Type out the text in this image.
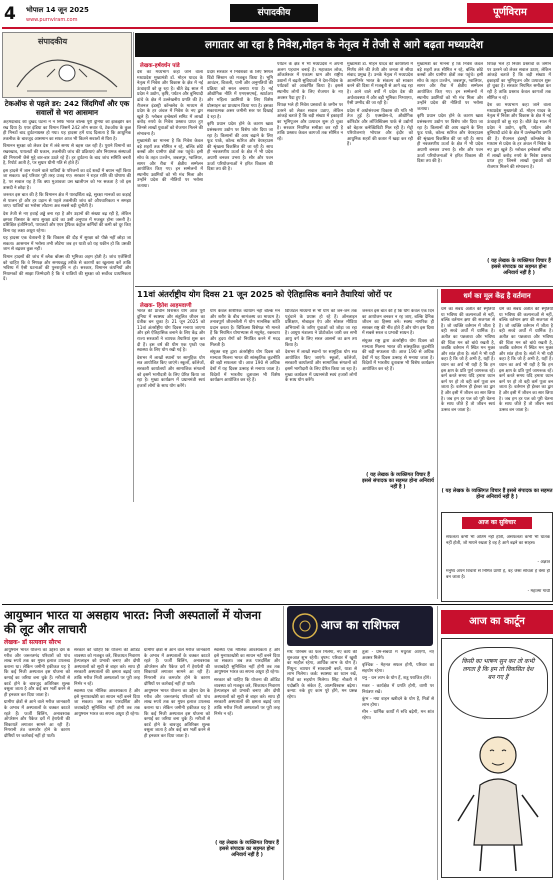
4 भोपाल 14 जून 2025
www.purnviram.com
संपादकीय	पूर्णविराम
संपादकीय
टेकऑफ से पहले डर: 242 जिंदगियाँ और एक सवालों से भरा आसमान
लगातार आ रहा है निवेश,मोहन के नेतृत्व में तेजी से आगे बढ़ता मध्यप्रदेश
लेखक-हर्षवर्धन पांडे

अहमदाबाद की दुखद घटना ने न सिर्फ भारत बल्कि पूरी दुनिया को झकझोर कर रख दिया है। एयर इंडिया का विमान जिसमें 242 लोग सवार थे, टेकऑफ के कुछ ही मिनटों बाद दुर्घटनाग्रस्त हो गया। यह हादसा हमें याद दिलाता है कि आधुनिक तकनीक के बावजूद आसमान का सफर आज भी कितने सवालों से घिरा है।

विमानन सुरक्षा को लेकर देश में लंबे समय से बहस चल रही है। पुराने विमानों का रखरखाव, पायलटों की थकान, तकनीकी जांच की प्रक्रियाएं और नियामक संस्थाओं की निगरानी जैसे मुद्दे बार-बार उठते रहे हैं। हर दुर्घटना के बाद जांच समिति बनती है, रिपोर्ट आती है, पर सुधार धीमी गति से होते हैं।

इस हादसे में जान गंवाने वाले यात्रियों के परिजनों का दर्द शब्दों में बयान नहीं किया जा सकता। कई परिवार पूरी तरह उजड़ गए। सरकार ने राहत राशि की घोषणा की है, पर सवाल यह है कि क्या मुआवजा उस खालीपन को भर सकता है जो इस त्रासदी ने छोड़ा है।

जरूरत इस बात की है कि विमानन क्षेत्र में पारदर्शिता बढ़े, सुरक्षा मानकों का कड़ाई से पालन हो और हर उड़ान से पहले तकनीकी जांच को औपचारिकता न समझा जाए। यात्रियों का भरोसा लौटाना अब सबसे बड़ी चुनौती है।

देश तेजी से नए हवाई अड्डे बना रहा है और उड़ानों की संख्या बढ़ रही है, लेकिन क्षमता विस्तार के साथ सुरक्षा ढांचे का उसी अनुपात में मजबूत होना जरूरी है। प्रशिक्षित इंजीनियरों, पायलटों और एयर ट्रैफिक कंट्रोल कर्मियों की कमी को दूर किए बिना यह लक्ष्य अधूरा रहेगा।

यह हादसा एक चेतावनी है कि विकास की दौड़ में सुरक्षा को पीछे नहीं छोड़ा जा सकता। आसमान में भरोसा तभी लौटेगा जब हर यात्री को यह यकीन हो कि उसकी जान से बढ़कर कुछ नहीं।

विमान हादसों की जांच में ब्लैक बॉक्स की भूमिका अहम होती है। जांच एजेंसियों को चाहिए कि वे निष्पक्ष और समयबद्ध तरीके से कारणों का खुलासा करें ताकि भविष्य में ऐसी घटनाओं की पुनरावृत्ति न हो। सरकार, विमानन कंपनियों और नियामकों की साझा जिम्मेदारी है कि वे यात्रियों की सुरक्षा को सर्वोच्च प्राथमिकता दें।

देश का मध्यभाग कहा जाने वाला मध्यप्रदेश मुख्यमंत्री डॉ. मोहन यादव के नेतृत्व में निवेश और विकास के क्षेत्र में नई ऊंचाइयों को छू रहा है। बीते डेढ़ साल में प्रदेश ने उद्योग, कृषि, पर्यटन और बुनियादी ढांचे के क्षेत्र में उल्लेखनीय प्रगति की है। रीजनल इंडस्ट्री कॉन्क्लेव के माध्यम से प्रदेश के हर अंचल में निवेश के नए द्वार खुले हैं। ग्लोबल इन्वेस्टर्स समिट में लाखों करोड़ रुपये के निवेश प्रस्ताव प्राप्त हुए जिनसे लाखों युवाओं को रोजगार मिलने की संभावना है।

मुख्यमंत्री का मानना है कि निवेश केवल बड़े शहरों तक सीमित न रहे, बल्कि छोटे कस्बों और ग्रामीण क्षेत्रों तक पहुंचे। इसी सोच के तहत उज्जैन, जबलपुर, ग्वालियर, सागर और रीवा में क्षेत्रीय सम्मेलन आयोजित किए गए। इन सम्मेलनों में स्थानीय उद्यमियों को भी मंच मिला और उन्होंने प्रदेश की नीतियों पर भरोसा जताया।

प्रदेश सरकार ने निवेशकों के लिए सिंगल विंडो सिस्टम को मजबूत किया है। भूमि आवंटन, बिजली, पानी और अनुमतियों की प्रक्रिया को सरल बनाया गया है। नई औद्योगिक नीति में एमएसएमई, स्टार्टअप और महिला उद्यमियों के लिए विशेष प्रोत्साहन का प्रावधान किया गया है। इसका सकारात्मक असर जमीनी स्तर पर दिखाई दे रहा है।

कृषि प्रधान प्रदेश होने के कारण खाद्य प्रसंस्करण उद्योग पर विशेष जोर दिया जा रहा है। किसानों की आय बढ़ाने के लिए फूड पार्क, कोल्ड स्टोरेज और वेयरहाउस की श्रृंखला विकसित की जा रही है। साथ ही नवकरणीय ऊर्जा के क्षेत्र में भी प्रदेश अग्रणी बनकर उभरा है। सौर और पवन ऊर्जा परियोजनाओं ने हरित विकास की दिशा तय की है।

पर्यटन के क्षेत्र में भी मध्यप्रदेश ने अपनी अलग पहचान बनाई है। महाकाल लोक, ओंकारेश्वर में एकात्म धाम और राष्ट्रीय उद्यानों में बढ़ती सुविधाओं ने देश-विदेश के पर्यटकों को आकर्षित किया है। इससे स्थानीय लोगों के लिए रोजगार के नए अवसर पैदा हुए हैं।

विपक्ष भले ही निवेश प्रस्तावों के जमीन पर उतरने को लेकर सवाल उठाए, लेकिन आंकड़े बताते हैं कि बड़ी संख्या में इकाइयों का भूमिपूजन और उत्पादन शुरू हो चुका है। सरकार नियमित समीक्षा कर रही है ताकि प्रस्ताव केवल कागजों तक सीमित न रहें।

मुख्यमंत्री डॉ. मोहन यादव की कार्यशैली में निर्णय लेने की तेजी और जनता से सीधा संवाद प्रमुख है। उनके नेतृत्व में मध्यप्रदेश आत्मनिर्भर भारत के संकल्प को साकार करने की दिशा में मजबूती से आगे बढ़ रहा है। आने वाले वर्षों में प्रदेश देश की अर्थव्यवस्था में और बड़ी भूमिका निभाएगा, ऐसी उम्मीद की जा रही है।

प्रदेश में अधोसंरचना विकास की गति भी तेज हुई है। एक्सप्रेस-वे, औद्योगिक कॉरिडोर और लॉजिस्टिक्स पार्क से उद्योगों को बेहतर कनेक्टिविटी मिल रही है। मेट्रो परियोजनाएं भोपाल और इंदौर को आधुनिक शहरों की कतार में खड़ा कर रही हैं।

मुख्यमंत्री का मानना है कि निवेश केवल बड़े शहरों तक सीमित न रहे, बल्कि छोटे कस्बों और ग्रामीण क्षेत्रों तक पहुंचे। इसी सोच के तहत उज्जैन, जबलपुर, ग्वालियर, सागर और रीवा में क्षेत्रीय सम्मेलन आयोजित किए गए। इन सम्मेलनों में स्थानीय उद्यमियों को भी मंच मिला और उन्होंने प्रदेश की नीतियों पर भरोसा जताया।

कृषि प्रधान प्रदेश होने के कारण खाद्य प्रसंस्करण उद्योग पर विशेष जोर दिया जा रहा है। किसानों की आय बढ़ाने के लिए फूड पार्क, कोल्ड स्टोरेज और वेयरहाउस की श्रृंखला विकसित की जा रही है। साथ ही नवकरणीय ऊर्जा के क्षेत्र में भी प्रदेश अग्रणी बनकर उभरा है। सौर और पवन ऊर्जा परियोजनाओं ने हरित विकास की दिशा तय की है।

विपक्ष भले ही निवेश प्रस्तावों के जमीन पर उतरने को लेकर सवाल उठाए, लेकिन आंकड़े बताते हैं कि बड़ी संख्या में इकाइयों का भूमिपूजन और उत्पादन शुरू हो चुका है। सरकार नियमित समीक्षा कर रही है ताकि प्रस्ताव केवल कागजों तक सीमित न रहें।

देश का मध्यभाग कहा जाने वाला मध्यप्रदेश मुख्यमंत्री डॉ. मोहन यादव के नेतृत्व में निवेश और विकास के क्षेत्र में नई ऊंचाइयों को छू रहा है। बीते डेढ़ साल में प्रदेश ने उद्योग, कृषि, पर्यटन और बुनियादी ढांचे के क्षेत्र में उल्लेखनीय प्रगति की है। रीजनल इंडस्ट्री कॉन्क्लेव के माध्यम से प्रदेश के हर अंचल में निवेश के नए द्वार खुले हैं। ग्लोबल इन्वेस्टर्स समिट में लाखों करोड़ रुपये के निवेश प्रस्ताव प्राप्त हुए जिनसे लाखों युवाओं को रोजगार मिलने की संभावना है।

( यह लेखक के व्यक्तिगत विचार हैं इससे संपादक का सहमत होना अनिवार्य नहीं है )
11वां अंतर्राष्ट्रीय योग दिवस 21 जून 2025 को ऐतिहासिक बनाने तैयारियां जोरों पर
लेखक- हितेश आहमवाणी

भारत की प्राचीन विरासत योग आज पूरी दुनिया में स्वास्थ्य और संतुलित जीवन का प्रतीक बन चुका है। 21 जून 2025 को 11वां अंतर्राष्ट्रीय योग दिवस मनाया जाएगा और इसे ऐतिहासिक बनाने के लिए केंद्र और राज्य सरकारों ने व्यापक तैयारियां शुरू कर दी हैं। इस वर्ष की थीम एक पृथ्वी एक स्वास्थ्य के लिए योग रखी गई है।

देशभर में लाखों स्थानों पर सामूहिक योग सत्र आयोजित किए जाएंगे। स्कूलों, कॉलेजों, सरकारी कार्यालयों और सामाजिक संगठनों को इसमें भागीदारी के लिए प्रेरित किया जा रहा है। मुख्य कार्यक्रम में प्रधानमंत्री स्वयं हजारों लोगों के साथ योग करेंगे।

योग केवल शारीरिक व्यायाम नहीं बल्कि मन और शरीर के बीच सामंजस्य का माध्यम है। तनावपूर्ण जीवनशैली में योग मानसिक शांति प्रदान करता है। चिकित्सा विशेषज्ञ भी मानते हैं कि नियमित योगाभ्यास से मधुमेह, रक्तचाप और हृदय रोगों को नियंत्रित करने में मदद मिलती है।

संयुक्त राष्ट्र द्वारा अंतर्राष्ट्रीय योग दिवस को मान्यता मिलना भारत की सांस्कृतिक कूटनीति की बड़ी सफलता थी। आज 190 से अधिक देशों में यह दिवस उत्साह से मनाया जाता है। विदेशों में भारतीय दूतावास भी विशेष कार्यक्रम आयोजित कर रहे हैं।

डिजिटल माध्यमों से भी योग को जन-जन तक पहुंचाने के प्रयास हो रहे हैं। ऑनलाइन प्रशिक्षण, मोबाइल ऐप और सोशल मीडिया अभियानों के जरिए युवाओं को जोड़ा जा रहा है। आयुष मंत्रालय ने प्रोटोकॉल जारी कर सभी आयु वर्ग के लिए सरल आसनों का क्रम तय किया है।

देशभर में लाखों स्थानों पर सामूहिक योग सत्र आयोजित किए जाएंगे। स्कूलों, कॉलेजों, सरकारी कार्यालयों और सामाजिक संगठनों को इसमें भागीदारी के लिए प्रेरित किया जा रहा है। मुख्य कार्यक्रम में प्रधानमंत्री स्वयं हजारों लोगों के साथ योग करेंगे।

जरूरत इस बात की है कि योग केवल एक दिन का आयोजन बनकर न रह जाए, बल्कि दैनिक जीवन का हिस्सा बने। स्वस्थ नागरिक ही सशक्त राष्ट्र की नींव होते हैं और योग इस दिशा में सबसे सरल व प्रभावी साधन है।

संयुक्त राष्ट्र द्वारा अंतर्राष्ट्रीय योग दिवस को मान्यता मिलना भारत की सांस्कृतिक कूटनीति की बड़ी सफलता थी। आज 190 से अधिक देशों में यह दिवस उत्साह से मनाया जाता है। विदेशों में भारतीय दूतावास भी विशेष कार्यक्रम आयोजित कर रहे हैं।

( यह लेखक के व्यक्तिगत विचार हैं इससे संपादक का सहमत होना अनिवार्य नहीं है )
धर्म का मूल केंद्र है वर्तमान
धर्म का संबंध अतीत की स्मृतियों या भविष्य की कल्पनाओं से नहीं, बल्कि वर्तमान क्षण की सजगता से है। जो व्यक्ति वर्तमान में जीता है वही सच्चे अर्थों में धार्मिक है। अतीत का पछतावा और भविष्य की चिंता मन को बांधे रखती है, जबकि वर्तमान में स्थित मन मुक्त और शांत होता है। संतों ने भी यही कहा है कि जो है अभी है, यहीं है। ध्यान का अर्थ भी यही है कि हम इस क्षण के प्रति पूर्ण जागरूक रहें। कर्म करते समय यदि हमारा ध्यान कर्म पर हो तो वही कर्म पूजा बन जाता है। वर्तमान ही ईश्वर का द्वार है और इसी में जीवन का सार छिपा है। जब हम हर पल को पूरी चेतना के साथ जीते हैं तो जीवन स्वयं उत्सव बन जाता है।
धर्म का संबंध अतीत की स्मृतियों या भविष्य की कल्पनाओं से नहीं, बल्कि वर्तमान क्षण की सजगता से है। जो व्यक्ति वर्तमान में जीता है वही सच्चे अर्थों में धार्मिक है। अतीत का पछतावा और भविष्य की चिंता मन को बांधे रखती है, जबकि वर्तमान में स्थित मन मुक्त और शांत होता है। संतों ने भी यही कहा है कि जो है अभी है, यहीं है। ध्यान का अर्थ भी यही है कि हम इस क्षण के प्रति पूर्ण जागरूक रहें। कर्म करते समय यदि हमारा ध्यान कर्म पर हो तो वही कर्म पूजा बन जाता है। वर्तमान ही ईश्वर का द्वार है और इसी में जीवन का सार छिपा है। जब हम हर पल को पूरी चेतना के साथ जीते हैं तो जीवन स्वयं उत्सव बन जाता है।
( यह लेखक के व्यक्तिगत विचार हैं इससे संपादक का सहमत होना अनिवार्य नहीं है )
आज का सुविचार
सफलता कभी भी अंतिम नहीं होती, असफलता कभी भी घातक नहीं होती, जो मायने रखता है वह है आगे बढ़ने का साहस।
- अज्ञात
मनुष्य अपने विचारों से निर्मित प्राणी है, वह जैसा सोचता है वैसा ही बन जाता है।
- महात्मा गांधी
आयुष्मान भारत या असहाय भारत: निजी अस्पतालों में योजना की लूट और लाचारी
लेखक- डॉ सत्यवान सौरभ

आयुष्मान भारत योजना का उद्देश्य देश के गरीब और जरूरतमंद परिवारों को पांच लाख रुपये तक का मुफ्त इलाज उपलब्ध कराना था। लेकिन जमीनी हकीकत यह है कि कई निजी अस्पताल इस योजना को कमाई का जरिया बना चुके हैं। मरीजों से कार्ड होने के बावजूद अतिरिक्त शुल्क वसूला जाता है और कई बार भर्ती करने से ही इनकार कर दिया जाता है।

ग्रामीण क्षेत्रों से आने वाले मरीज जानकारी के अभाव में अस्पतालों के चक्कर काटते रहते हैं। फर्जी बिलिंग, अनावश्यक ऑपरेशन और पैकेज दरों में हेराफेरी की शिकायतें लगातार सामने आ रही हैं। निगरानी तंत्र कमजोर होने के कारण दोषियों पर कार्रवाई नहीं हो पाती।

सरकार को चाहिए कि योजना की ऑडिट व्यवस्था को मजबूत करे, शिकायत निवारण हेल्पलाइन को प्रभावी बनाए और दोषी अस्पतालों को सूची से बाहर करे। साथ ही सरकारी अस्पतालों की क्षमता बढ़ाई जाए ताकि मरीज निजी अस्पतालों पर पूरी तरह निर्भर न रहें।

स्वास्थ्य एक मौलिक आवश्यकता है और इसे मुनाफाखोरी का साधन नहीं बनने दिया जा सकता। जब तक पारदर्शिता और जवाबदेही सुनिश्चित नहीं होगी तब तक आयुष्मान भारत का सपना अधूरा ही रहेगा।

ग्रामीण क्षेत्रों से आने वाले मरीज जानकारी के अभाव में अस्पतालों के चक्कर काटते रहते हैं। फर्जी बिलिंग, अनावश्यक ऑपरेशन और पैकेज दरों में हेराफेरी की शिकायतें लगातार सामने आ रही हैं। निगरानी तंत्र कमजोर होने के कारण दोषियों पर कार्रवाई नहीं हो पाती।

आयुष्मान भारत योजना का उद्देश्य देश के गरीब और जरूरतमंद परिवारों को पांच लाख रुपये तक का मुफ्त इलाज उपलब्ध कराना था। लेकिन जमीनी हकीकत यह है कि कई निजी अस्पताल इस योजना को कमाई का जरिया बना चुके हैं। मरीजों से कार्ड होने के बावजूद अतिरिक्त शुल्क वसूला जाता है और कई बार भर्ती करने से ही इनकार कर दिया जाता है।

स्वास्थ्य एक मौलिक आवश्यकता है और इसे मुनाफाखोरी का साधन नहीं बनने दिया जा सकता। जब तक पारदर्शिता और जवाबदेही सुनिश्चित नहीं होगी तब तक आयुष्मान भारत का सपना अधूरा ही रहेगा।

सरकार को चाहिए कि योजना की ऑडिट व्यवस्था को मजबूत करे, शिकायत निवारण हेल्पलाइन को प्रभावी बनाए और दोषी अस्पतालों को सूची से बाहर करे। साथ ही सरकारी अस्पतालों की क्षमता बढ़ाई जाए ताकि मरीज निजी अस्पतालों पर पूरी तरह निर्भर न रहें।

( यह लेखक के व्यक्तिगत विचार हैं इससे संपादक का सहमत होना अनिवार्य नहीं है )
आज का राशिफल
मेष: परिश्रम का फल मिलेगा, नए कार्य की शुरुआत शुभ रहेगी। वृषभ: परिवार में खुशी का माहौल रहेगा, आर्थिक लाभ के योग हैं। मिथुन: व्यापार में सावधानी बरतें, यात्रा से लाभ मिलेगा। कर्क: स्वास्थ्य का ध्यान रखें, मित्रों का सहयोग मिलेगा। सिंह: नौकरी में पदोन्नति के संकेत हैं, आत्मविश्वास बढ़ेगा। कन्या: रुके हुए काम पूरे होंगे, मन प्रसन्न रहेगा।

तुला - प्रेम-संबंधों में मधुरता आएगी, नए अवसर मिलेंगे।

वृश्चिक - मेहनत सफल होगी, परिवार का सहयोग रहेगा।

धनु - धन लाभ के योग हैं, शत्रु पराजित होंगे।

मकर - कार्यक्षेत्र में प्रगति होगी, वाणी पर नियंत्रण रखें।

कुंभ - नया वाहन खरीदने के योग हैं, मित्रों से लाभ होगा।

मीन - धार्मिक कार्यों में रुचि बढ़ेगी, मन शांत रहेगा।

आज का कार्टून
किसी का भाषण सुन कर तो कभी लगता है कि हम तो विकसित देश बन गए हैं
